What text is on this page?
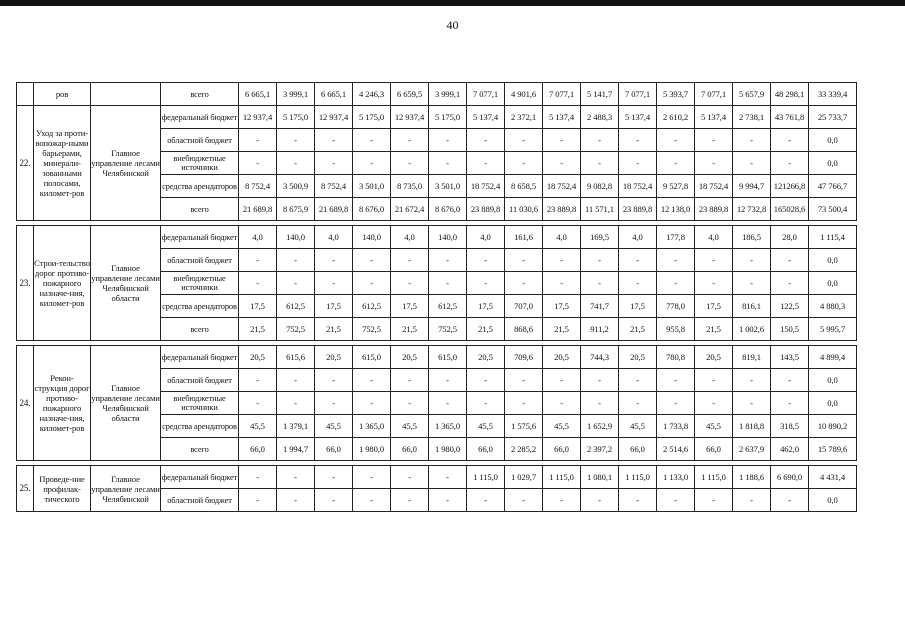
40
	ров		всего	6 665,1	3 999,1	6 665,1	4 246,3	6 659,5	3 999,1	7 077,1	4 901,6	7 077,1	5 141,7	7 077,1	5 393,7	7 077,1	5 657,9	48 298,1	33 339,4
22.	Уход за проти-вопожар-ными барьерами, минерали-зованными полосами, километ-ров	Главное управление лесами Челябинской	федеральный бюджет	12 937,4	5 175,0	12 937,4	5 175,0	12 937,4	5 175,0	5 137,4	2 372,1	5 137,4	2 488,3	5 137,4	2 610,2	5 137,4	2 738,1	43 761,8	25 733,7
			областной бюджет	-	-	-	-	-	-	-	-	-	-	-	-	-	-	-	0,0
			внебюджетные источники	-	-	-	-	-	-	-	-	-	-	-	-	-	-	-	0,0
			средства арендаторов	8 752,4	3 500,9	8 752,4	3 501,0	8 735,0	3 501,0	18 752,4	8 658,5	18 752,4	9 082,8	18 752,4	9 527,8	18 752,4	9 994,7	121266,8	47 766,7
			всего	21 689,8	8 675,9	21 689,8	8 676,0	21 672,4	8 676,0	23 889,8	11 030,6	23 889,8	11 571,1	23 889,8	12 138,0	23 889,8	12 732,8	165028,6	73 500,4

23.	Строи-тельство дорог противо-пожарного назначе-ния, километ-ров	Главное управление лесами Челябинской области	федеральный бюджет	4,0	140,0	4,0	140,0	4,0	140,0	4,0	161,6	4,0	169,5	4,0	177,8	4,0	186,5	28,0	1 115,4
			областной бюджет	-	-	-	-	-	-	-	-	-	-	-	-	-	-	-	0,0
			внебюджетные источники	-	-	-	-	-	-	-	-	-	-	-	-	-	-	-	0,0
			средства арендаторов	17,5	612,5	17,5	612,5	17,5	612,5	17,5	707,0	17,5	741,7	17,5	778,0	17,5	816,1	122,5	4 880,3
			всего	21,5	752,5	21,5	752,5	21,5	752,5	21,5	868,6	21,5	911,2	21,5	955,8	21,5	1 002,6	150,5	5 995,7

24.	Рекон-струкция дорог противо-пожарного назначе-ния, километ-ров	Главное управление лесами Челябинской области	федеральный бюджет	20,5	615,6	20,5	615,0	20,5	615,0	20,5	709,6	20,5	744,3	20,5	780,8	20,5	819,1	143,5	4 899,4
			областной бюджет	-	-	-	-	-	-	-	-	-	-	-	-	-	-	-	0,0
			внебюджетные источники	-	-	-	-	-	-	-	-	-	-	-	-	-	-	-	0,0
			средства арендаторов	45,5	1 379,1	45,5	1 365,0	45,5	1 365,0	45,5	1 575,6	45,5	1 652,9	45,5	1 733,8	45,5	1 818,8	318,5	10 890,2
			всего	66,0	1 994,7	66,0	1 980,0	66,0	1 980,0	66,0	2 285,2	66,0	2 397,2	66,0	2 514,6	66,0	2 637,9	462,0	15 789,6

25.	Проведе-ние профилак-тического	Главное управление лесами Челябинской	федеральный бюджет	-	-	-	-	-	-	1 115,0	1 029,7	1 115,0	1 080,1	1 115,0	1 133,0	1 115,0	1 188,6	6 690,0	4 431,4
			областной бюджет	-	-	-	-	-	-	-	-	-	-	-	-	-	-	-	0,0
